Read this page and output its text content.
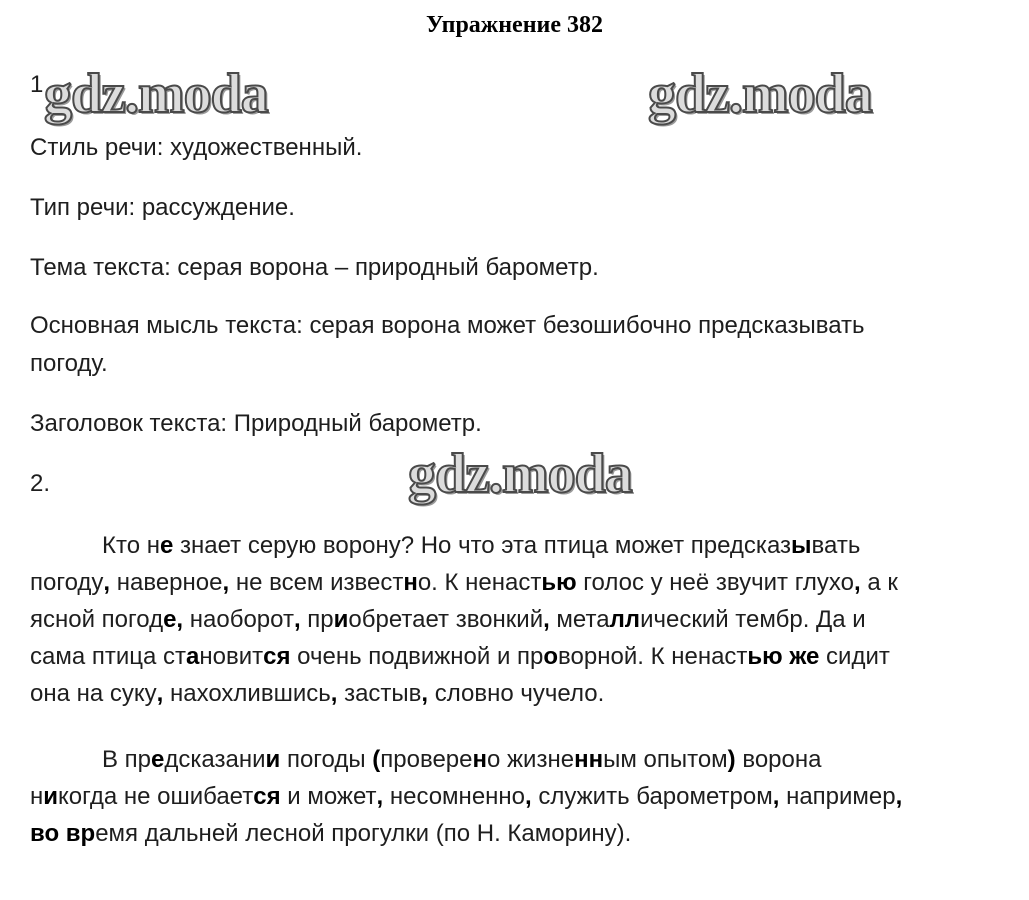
Упражнение 382
gdz.moda	gdz.moda
gdz.moda
1
Стиль речи: художественный.
Тип речи: рассуждение.
Тема текста: серая ворона – природный барометр.
Основная мысль текста: серая ворона может безошибочно предсказывать
погоду.
Заголовок текста: Природный барометр.
2.
Кто не знает серую ворону? Но что эта птица может предсказывать
погоду, наверное, не всем известно. К ненастью голос у неё звучит глухо, а к
ясной погоде, наоборот, приобретает звонкий, металлический тембр. Да и
сама птица становится очень подвижной и проворной. К ненастью же сидит
она на суку, нахохлившись, застыв, словно чучело.
В предсказании погоды (проверено жизненным опытом) ворона
никогда не ошибается и может, несомненно, служить барометром, например,
во время дальней лесной прогулки (по Н. Каморину).
